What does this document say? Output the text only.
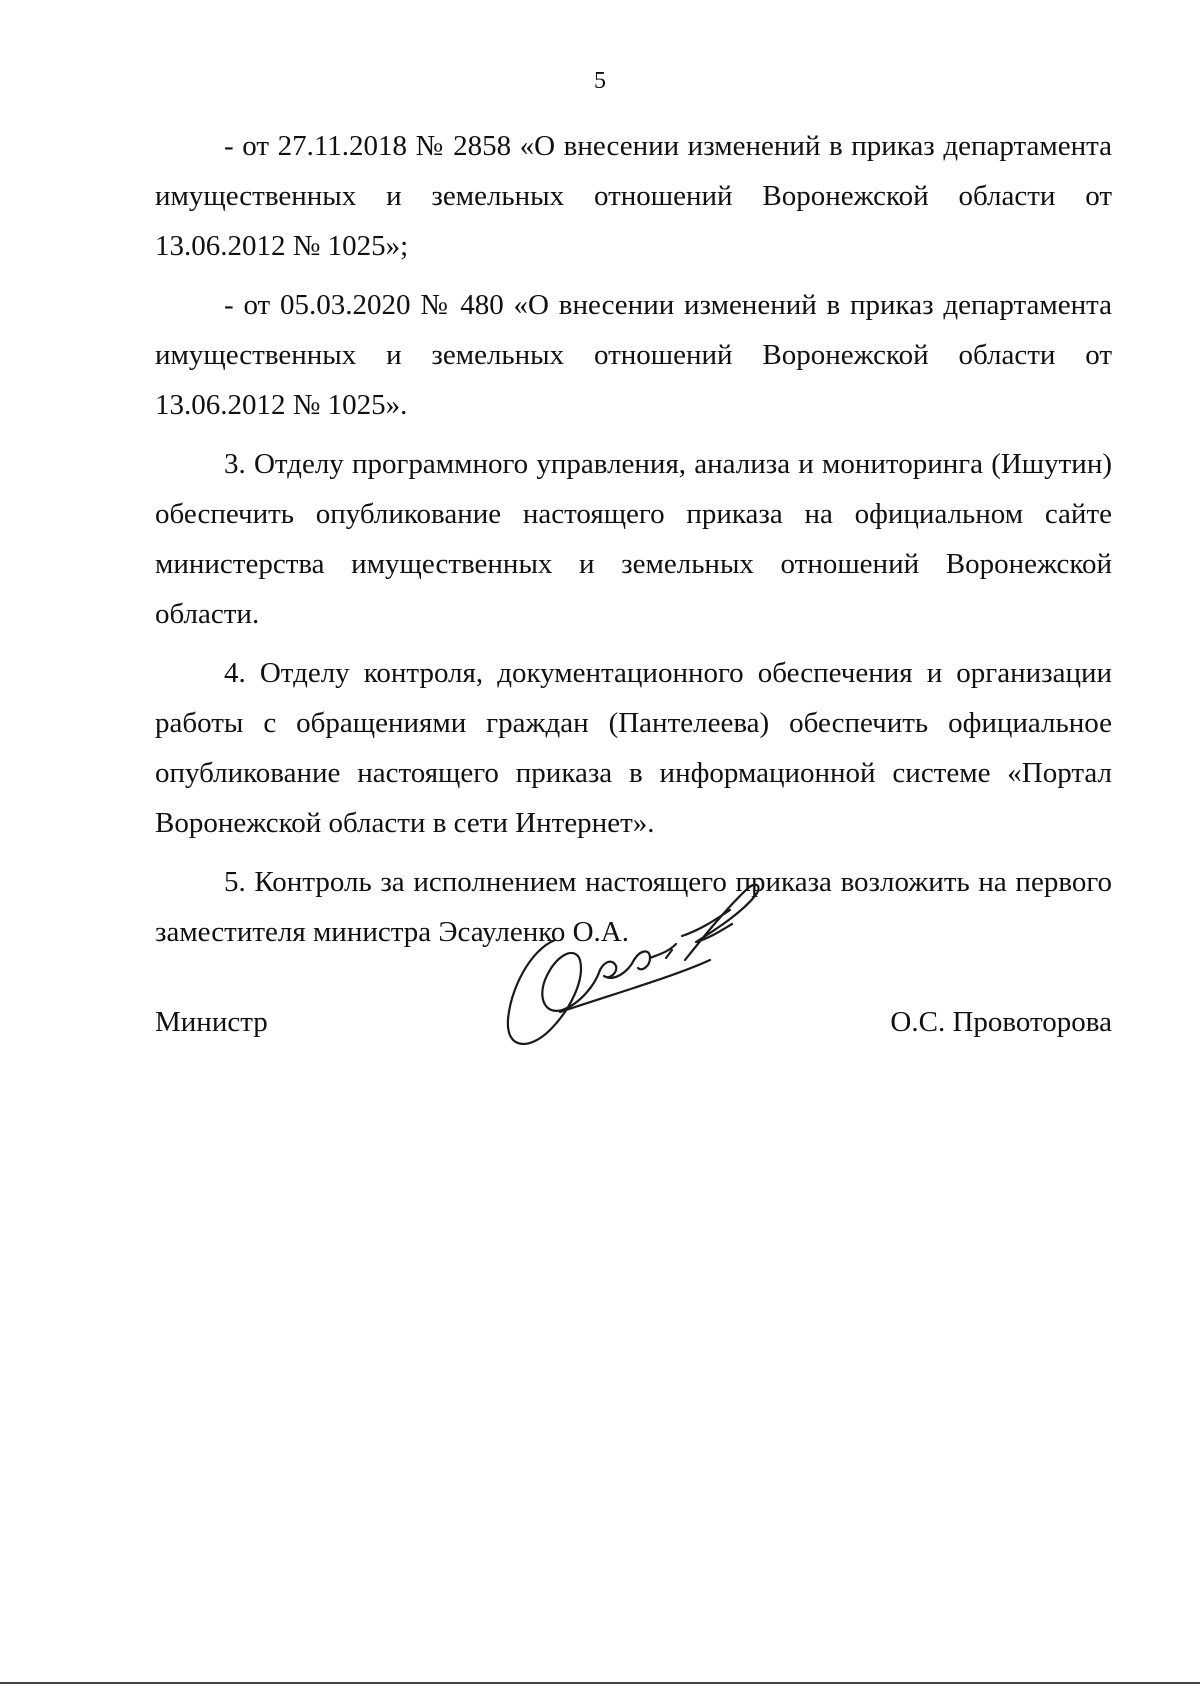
5

- от 27.11.2018 № 2858 «О внесении изменений в приказ департамента имущественных и земельных отношений Воронежской области от 13.06.2012 № 1025»;

- от 05.03.2020 № 480 «О внесении изменений в приказ департамента имущественных и земельных отношений Воронежской области от 13.06.2012 № 1025».

3. Отделу программного управления, анализа и мониторинга (Ишутин) обеспечить опубликование настоящего приказа на официальном сайте министерства имущественных и земельных отношений Воронежской области.

4. Отделу контроля, документационного обеспечения и организации работы с обращениями граждан (Пантелеева) обеспечить официальное опубликование настоящего приказа в информационной системе «Портал Воронежской области в сети Интернет».

5. Контроль за исполнением настоящего приказа возложить на первого заместителя министра Эсауленко О.А.

Министр	О.С. Провоторова
